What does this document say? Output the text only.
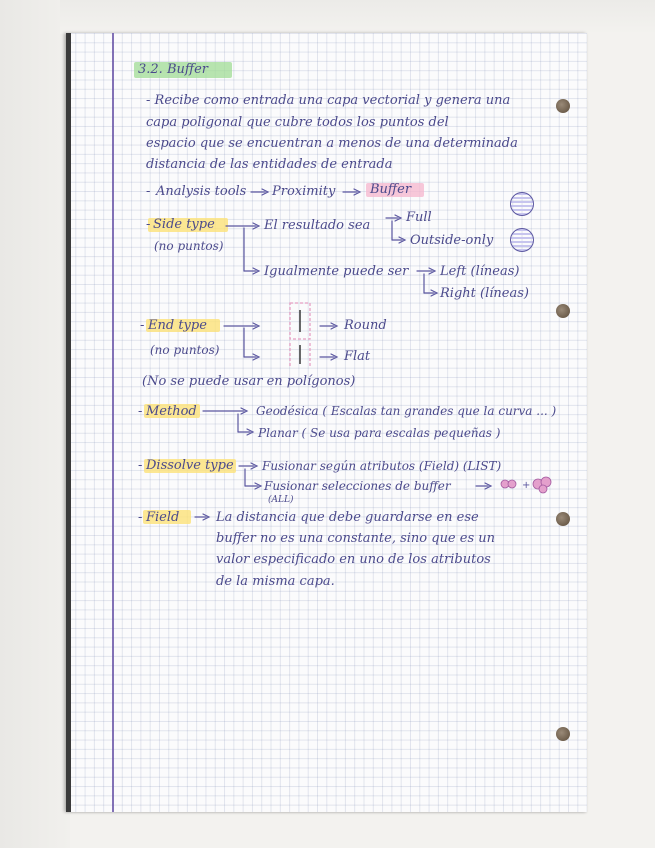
+

3.2. Buffer

- Recibe como entrada una capa vectorial y genera una

capa poligonal que cubre todos los puntos del

espacio que se encuentran a menos de una determinada

distancia de las entidades de entrada

- Analysis tools Proximity	Buffer

- Side type

(no puntos)

El resultado sea

Full

Outside-only

Igualmente puede ser Left (líneas)

Right (líneas)

- End type

(no puntos)

Round

Flat

(No se puede usar en polígonos)

- Method	Geodésica ( Escalas tan grandes que la curva ... )

Planar ( Se usa para escalas pequeñas )

- Dissolve type Fusionar según atributos (Field) (LIST)

Fusionar selecciones de buffer

(ALL)

- Field	La distancia que debe guardarse en ese

buffer no es una constante, sino que es un

valor especificado en uno de los atributos

de la misma capa.
